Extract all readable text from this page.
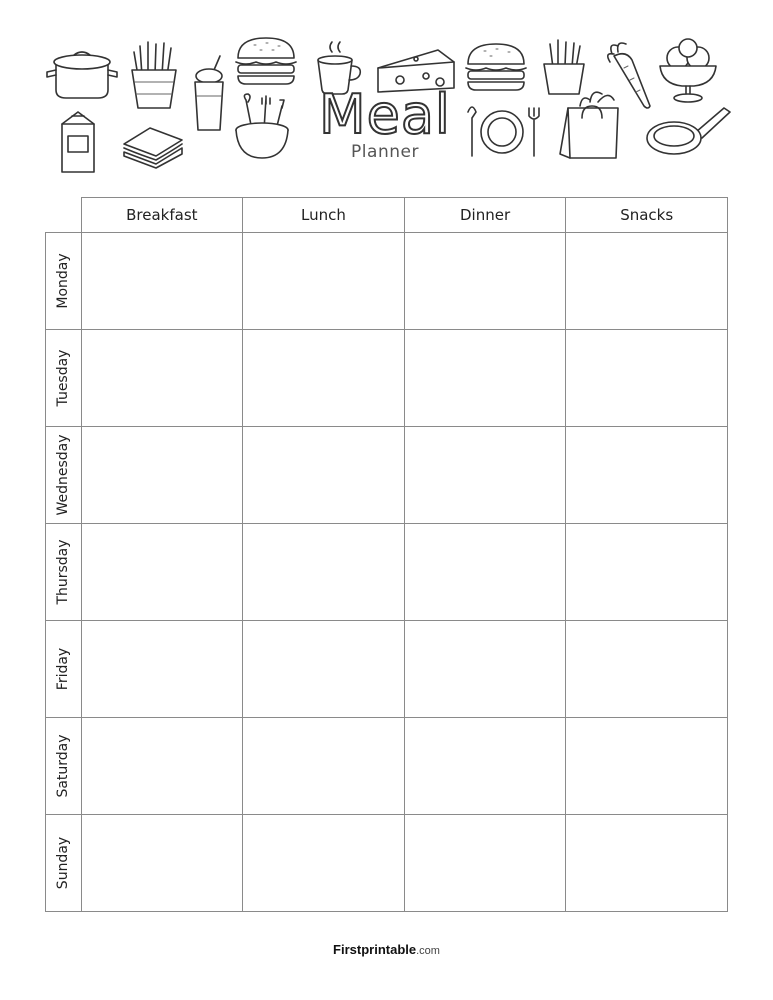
Meal
Planner
	Breakfast	Lunch	Dinner	Snacks

Monday				

Tuesday				

Wednesday				

Thursday				

Friday				

Saturday				

Sunday				

Firstprintable.com
